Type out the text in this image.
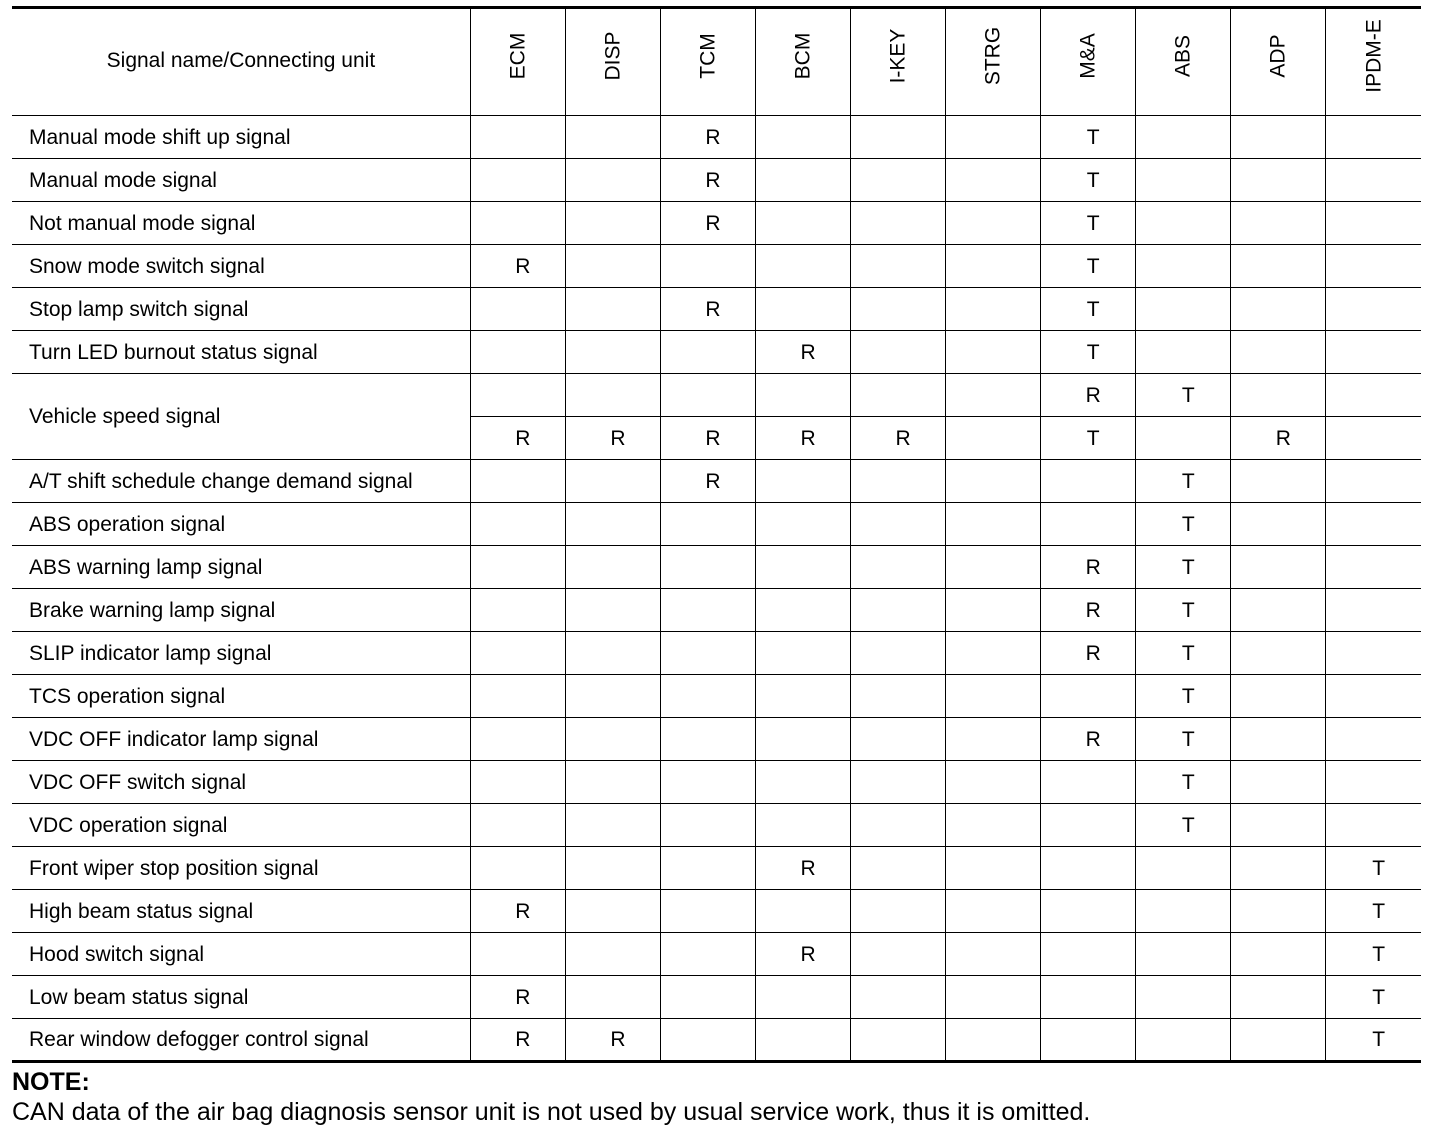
Signal name/Connecting unit	ECM	DISP	TCM	BCM	I-KEY	STRG	M&A	ABS	ADP	IPDM-E

Manual mode shift up signal			R				T			
Manual mode signal			R				T			
Not manual mode signal			R				T			
Snow mode switch signal	R						T			
Stop lamp switch signal			R				T			
Turn LED burnout status signal				R			T			
Vehicle speed signal							R	T		
	R	R	R	R	R		T		R	
A/T shift schedule change demand signal			R					T		
ABS operation signal								T		
ABS warning lamp signal							R	T		
Brake warning lamp signal							R	T		
SLIP indicator lamp signal							R	T		
TCS operation signal								T		
VDC OFF indicator lamp signal							R	T		
VDC OFF switch signal								T		
VDC operation signal								T		
Front wiper stop position signal				R						T
High beam status signal	R									T
Hood switch signal				R						T
Low beam status signal	R									T
Rear window defogger control signal	R	R								T
NOTE:
CAN data of the air bag diagnosis sensor unit is not used by usual service work, thus it is omitted.
